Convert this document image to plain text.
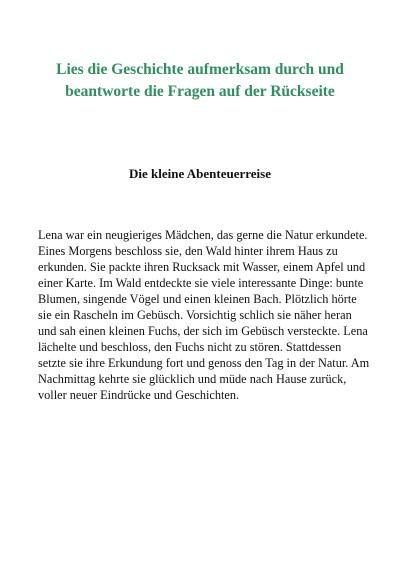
Lies die Geschichte aufmerksam durch und beantworte die Fragen auf der Rückseite
Die kleine Abenteuerreise

Lena war ein neugieriges Mädchen, das gerne die Natur erkundete. Eines Morgens beschloss sie, den Wald hinter ihrem Haus zu erkunden. Sie packte ihren Rucksack mit Wasser, einem Apfel und einer Karte. Im Wald entdeckte sie viele interessante Dinge: bunte Blumen, singende Vögel und einen kleinen Bach. Plötzlich hörte sie ein Rascheln im Gebüsch. Vorsichtig schlich sie näher heran und sah einen kleinen Fuchs, der sich im Gebüsch versteckte. Lena lächelte und beschloss, den Fuchs nicht zu stören. Stattdessen setzte sie ihre Erkundung fort und genoss den Tag in der Natur. Am Nachmittag kehrte sie glücklich und müde nach Hause zurück, voller neuer Eindrücke und Geschichten.
